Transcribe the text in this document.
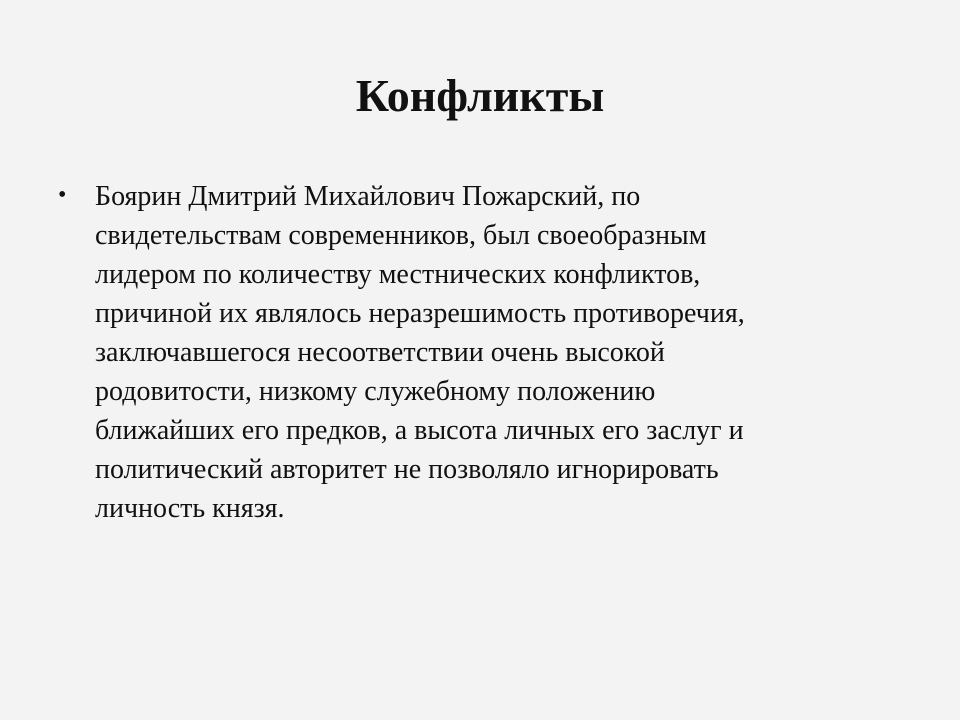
Конфликты
• Боярин Дмитрий Михайлович Пожарский, по
свидетельствам современников, был своеобразным
лидером по количеству местнических конфликтов,
причиной их являлось неразрешимость противоречия,
заключавшегося несоответствии очень высокой
родовитости, низкому служебному положению
ближайших его предков, а высота личных его заслуг и
политический авторитет не позволяло игнорировать
личность князя.
